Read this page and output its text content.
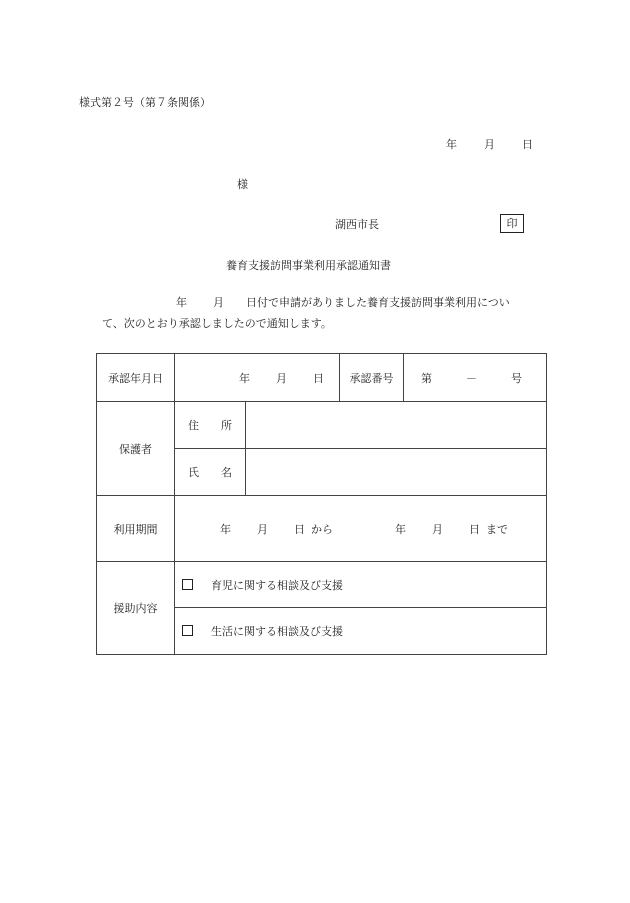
様式第２号（第７条関係）
年 月 日
様
湖西市長	印
養育支援訪問事業利用承認通知書
年 月 日付で申請がありました養育支援訪問事業利用につい
て、次のとおり承認しましたので通知します。
承認年月日	年 月 日		承認番号	第 － 号
保護者	住 所			
	氏 名			
利用期間	年 月 日 から 年 月 日 まで			
援助内容	育児に関する相談及び支援			
	生活に関する相談及び支援			
